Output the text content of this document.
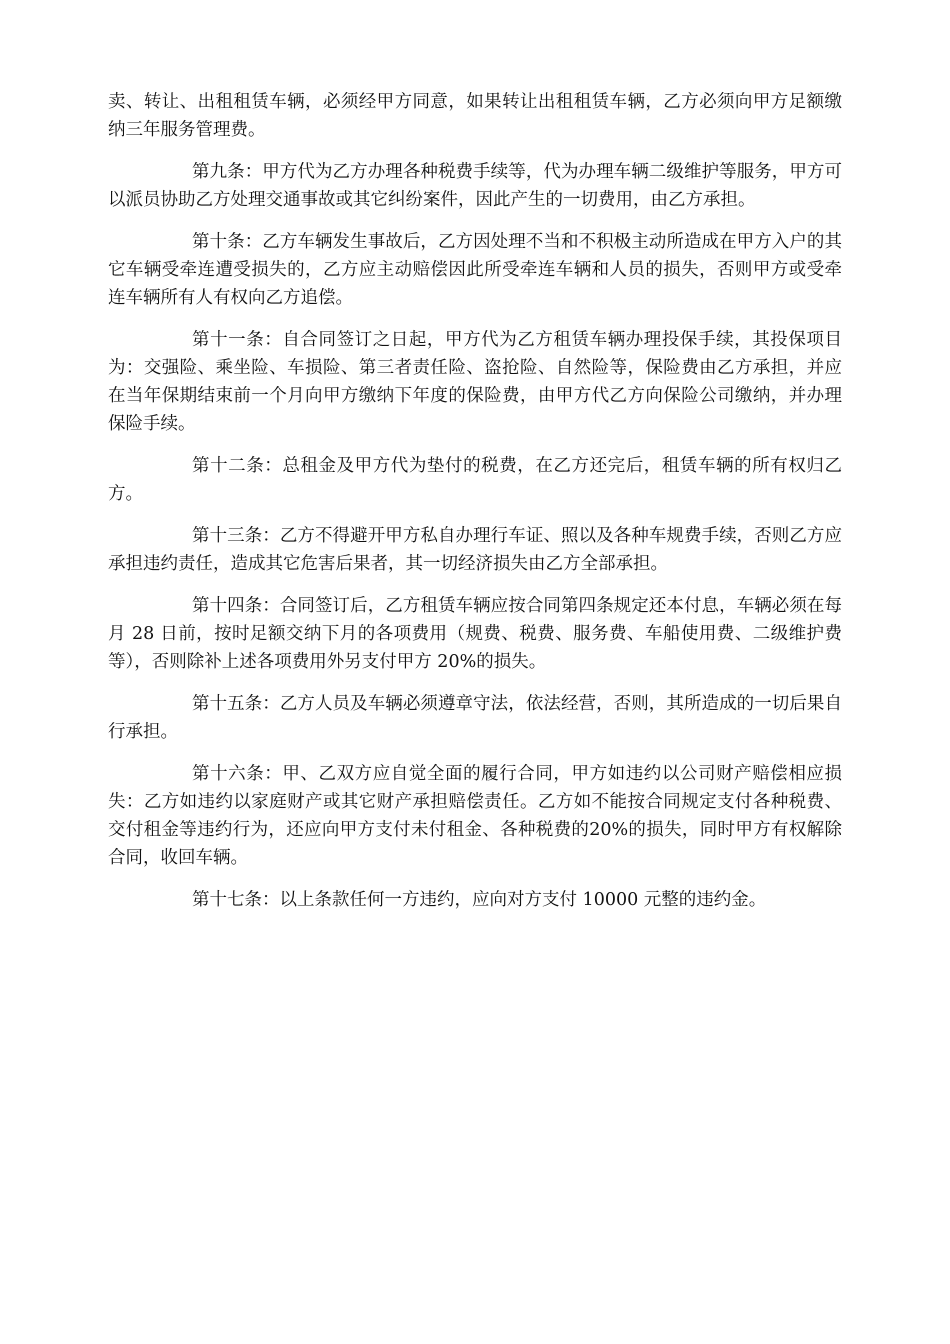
卖、转让、出租租赁车辆，必须经甲方同意，如果转让出租租赁车辆，乙方必须向甲方足额缴纳三年服务管理费。

第九条：甲方代为乙方办理各种税费手续等，代为办理车辆二级维护等服务，甲方可以派员协助乙方处理交通事故或其它纠纷案件，因此产生的一切费用，由乙方承担。

第十条：乙方车辆发生事故后，乙方因处理不当和不积极主动所造成在甲方入户的其它车辆受牵连遭受损失的，乙方应主动赔偿因此所受牵连车辆和人员的损失，否则甲方或受牵连车辆所有人有权向乙方追偿。

第十一条：自合同签订之日起，甲方代为乙方租赁车辆办理投保手续，其投保项目为：交强险、乘坐险、车损险、第三者责任险、盗抢险、自然险等，保险费由乙方承担，并应在当年保期结束前一个月向甲方缴纳下年度的保险费，由甲方代乙方向保险公司缴纳，并办理保险手续。

第十二条：总租金及甲方代为垫付的税费，在乙方还完后，租赁车辆的所有权归乙方。

第十三条：乙方不得避开甲方私自办理行车证、照以及各种车规费手续，否则乙方应承担违约责任，造成其它危害后果者，其一切经济损失由乙方全部承担。

第十四条：合同签订后，乙方租赁车辆应按合同第四条规定还本付息，车辆必须在每月 28 日前，按时足额交纳下月的各项费用（规费、税费、服务费、车船使用费、二级维护费等），否则除补上述各项费用外另支付甲方 20%的损失。

第十五条：乙方人员及车辆必须遵章守法，依法经营，否则，其所造成的一切后果自行承担。

第十六条：甲、乙双方应自觉全面的履行合同，甲方如违约以公司财产赔偿相应损失：乙方如违约以家庭财产或其它财产承担赔偿责任。乙方如不能按合同规定支付各种税费、交付租金等违约行为，还应向甲方支付未付租金、各种税费的20%的损失，同时甲方有权解除合同，收回车辆。

第十七条：以上条款任何一方违约，应向对方支付 10000 元整的违约金。
